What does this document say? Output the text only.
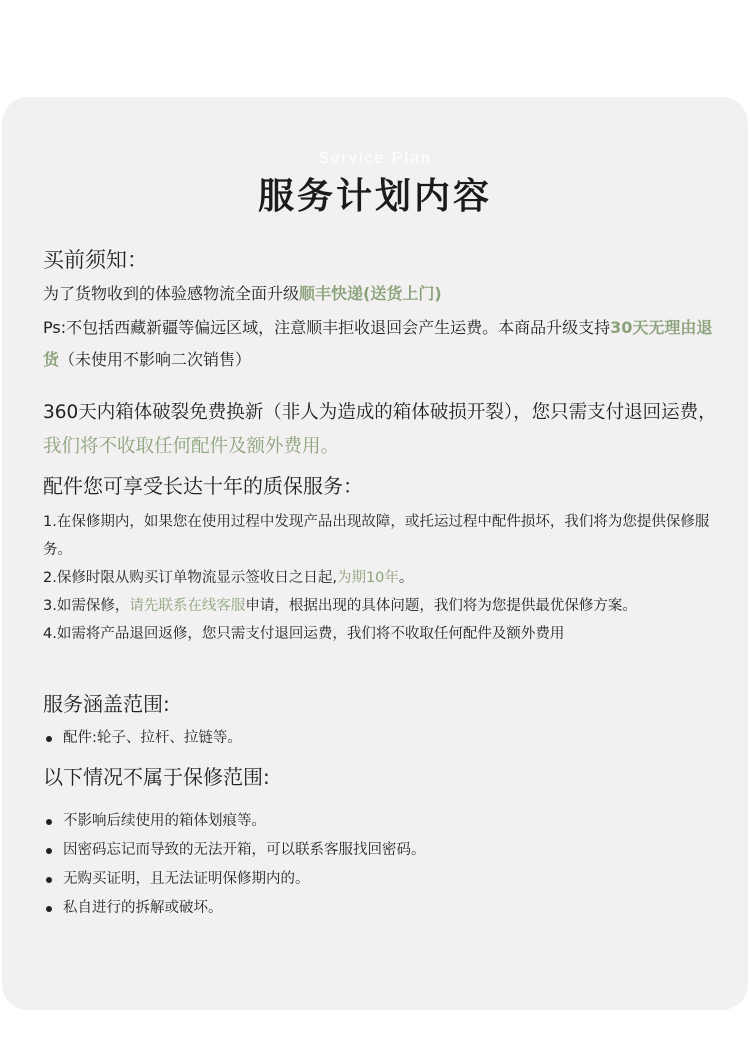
Service Plan
服务计划内容
买前须知：
为了货物收到的体验感物流全面升级顺丰快递(送货上门)
Ps:不包括西藏新疆等偏远区域，注意顺丰拒收退回会产生运费。本商品升级支持30天无理由退货（未使用不影响二次销售）
360天内箱体破裂免费换新（非人为造成的箱体破损开裂），您只需支付退回运费，我们将不收取任何配件及额外费用。
配件您可享受长达十年的质保服务：
1.在保修期内，如果您在使用过程中发现产品出现故障，或托运过程中配件损坏，我们将为您提供保修服务。
2.保修时限从购买订单物流显示签收日之日起,为期10年。
3.如需保修，请先联系在线客服申请，根据出现的具体问题，我们将为您提供最优保修方案。
4.如需将产品退回返修，您只需支付退回运费，我们将不收取任何配件及额外费用
服务涵盖范围:
配件:轮子、拉杆、拉链等。
以下情况不属于保修范围:
不影响后续使用的箱体划痕等。
因密码忘记而导致的无法开箱，可以联系客服找回密码。
无购买证明，且无法证明保修期内的。
私自进行的拆解或破坏。
